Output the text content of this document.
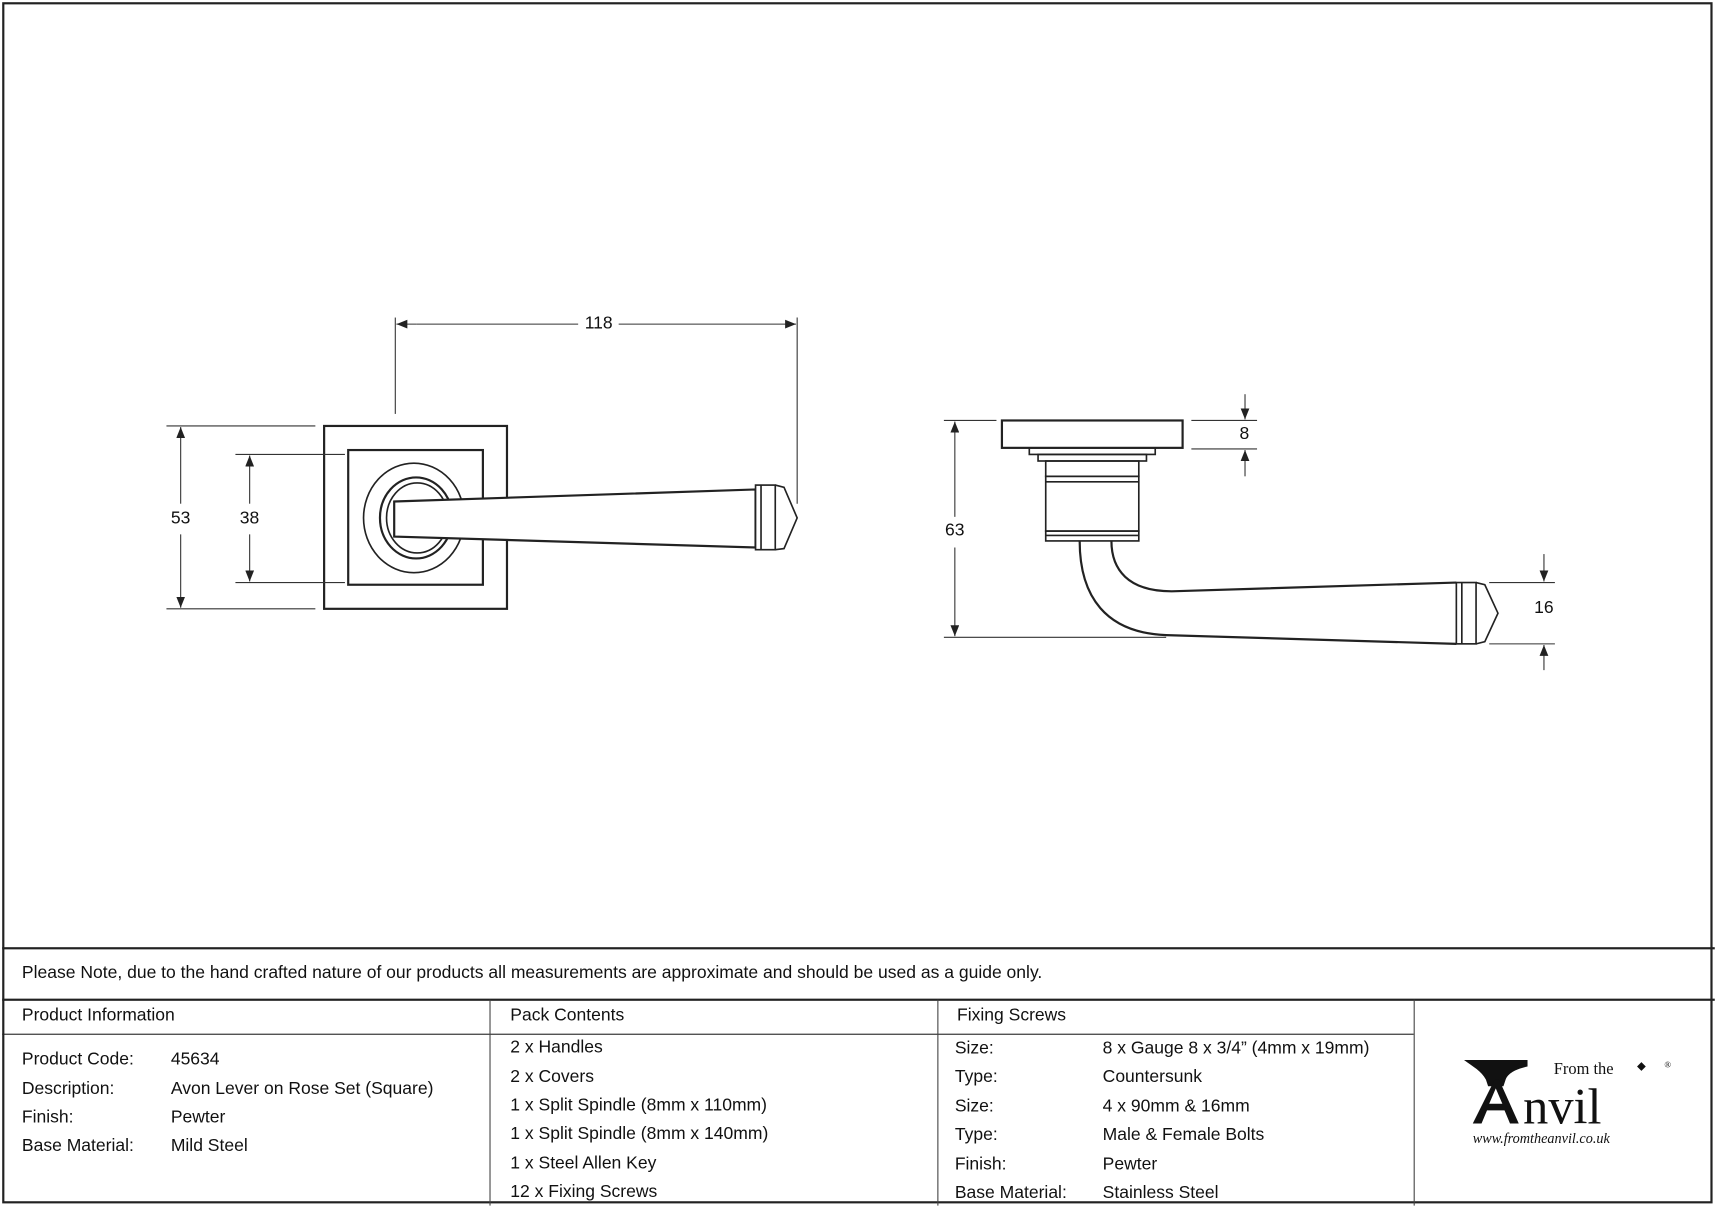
118
53	38
63
8
16
Please Note, due to the hand crafted nature of our products all measurements are approximate and should be used as a guide only.
Product Information	Pack Contents	Fixing Screws
Product Code: 45634
Description:	Avon Lever on Rose Set (Square)
Finish:	Pewter
Base Material: Mild Steel
2 x Handles
2 x Covers
1 x Split Spindle (8mm x 110mm)
1 x Split Spindle (8mm x 140mm)
1 x Steel Allen Key
12 x Fixing Screws
Size:	8 x Gauge 8 x 3/4” (4mm x 19mm)
Type:	Countersunk
Size:	4 x 90mm & 16mm
Type:	Male & Female Bolts
Finish:	Pewter
Base Material: Stainless Steel
nvil
From the	®
www.fromtheanvil.co.uk
